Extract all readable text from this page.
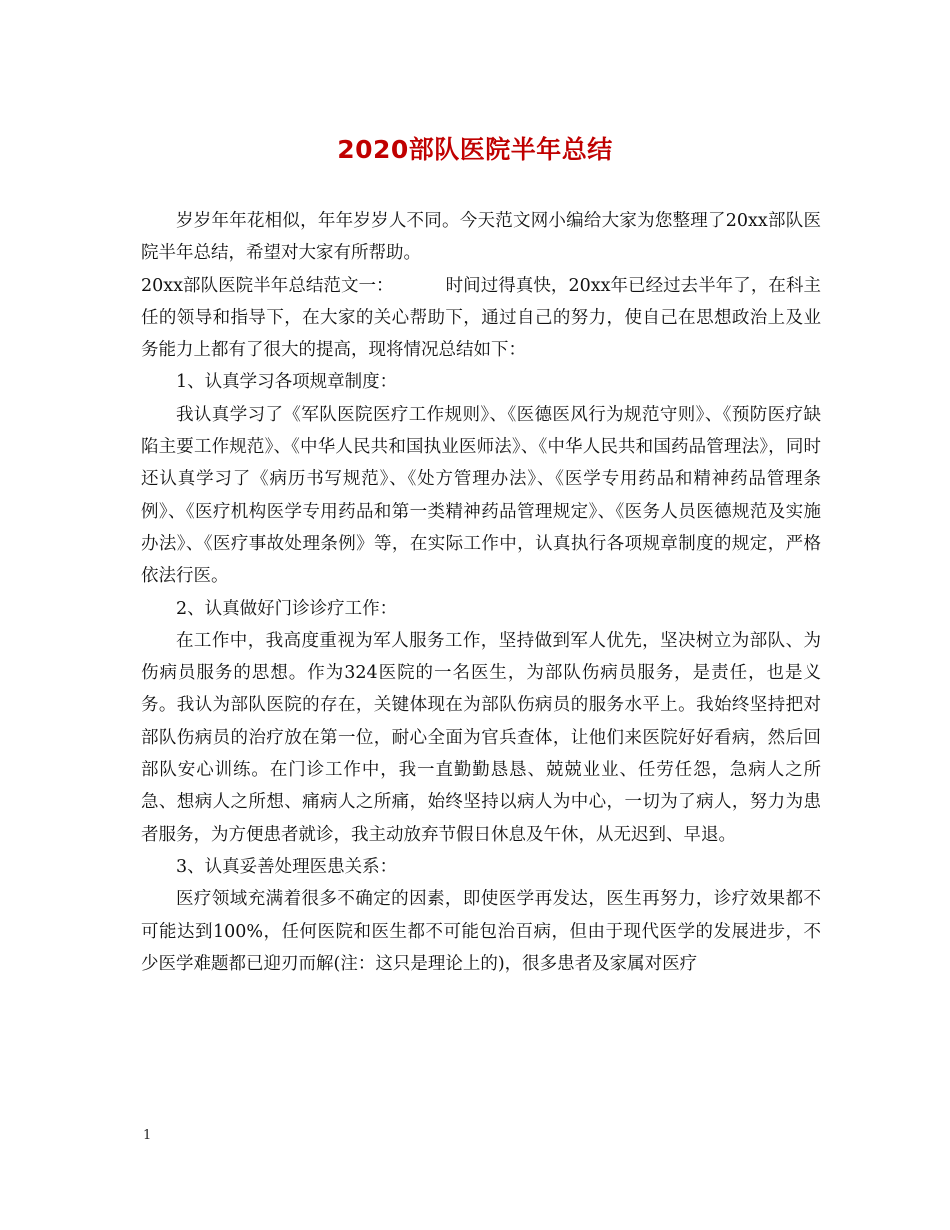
2020部队医院半年总结

岁岁年年花相似，年年岁岁人不同。今天范文网小编给大家为您整理了20xx部队医院半年总结，希望对大家有所帮助。

20xx部队医院半年总结范文一：	时间过得真快，20xx年已经过去半年了，在科主任的领导和指导下，在大家的关心帮助下，通过自己的努力，使自己在思想政治上及业务能力上都有了很大的提高，现将情况总结如下：

1、认真学习各项规章制度：

我认真学习了《军队医院医疗工作规则》、《医德医风行为规范守则》、《预防医疗缺陷主要工作规范》、《中华人民共和国执业医师法》、《中华人民共和国药品管理法》，同时还认真学习了《病历书写规范》、《处方管理办法》、《医学专用药品和精神药品管理条例》、《医疗机构医学专用药品和第一类精神药品管理规定》、《医务人员医德规范及实施办法》、《医疗事故处理条例》等，在实际工作中，认真执行各项规章制度的规定，严格依法行医。

2、认真做好门诊诊疗工作：

在工作中，我高度重视为军人服务工作，坚持做到军人优先，坚决树立为部队、为伤病员服务的思想。作为324医院的一名医生，为部队伤病员服务，是责任，也是义务。我认为部队医院的存在，关键体现在为部队伤病员的服务水平上。我始终坚持把对部队伤病员的治疗放在第一位，耐心全面为官兵查体，让他们来医院好好看病，然后回部队安心训练。在门诊工作中，我一直勤勤恳恳、兢兢业业、任劳任怨，急病人之所急、想病人之所想、痛病人之所痛，始终坚持以病人为中心，一切为了病人，努力为患者服务，为方便患者就诊，我主动放弃节假日休息及午休，从无迟到、早退。

3、认真妥善处理医患关系：

医疗领域充满着很多不确定的因素，即使医学再发达，医生再努力，诊疗效果都不可能达到100%，任何医院和医生都不可能包治百病，但由于现代医学的发展进步，不少医学难题都已迎刃而解(注：这只是理论上的)，很多患者及家属对医疗

1
